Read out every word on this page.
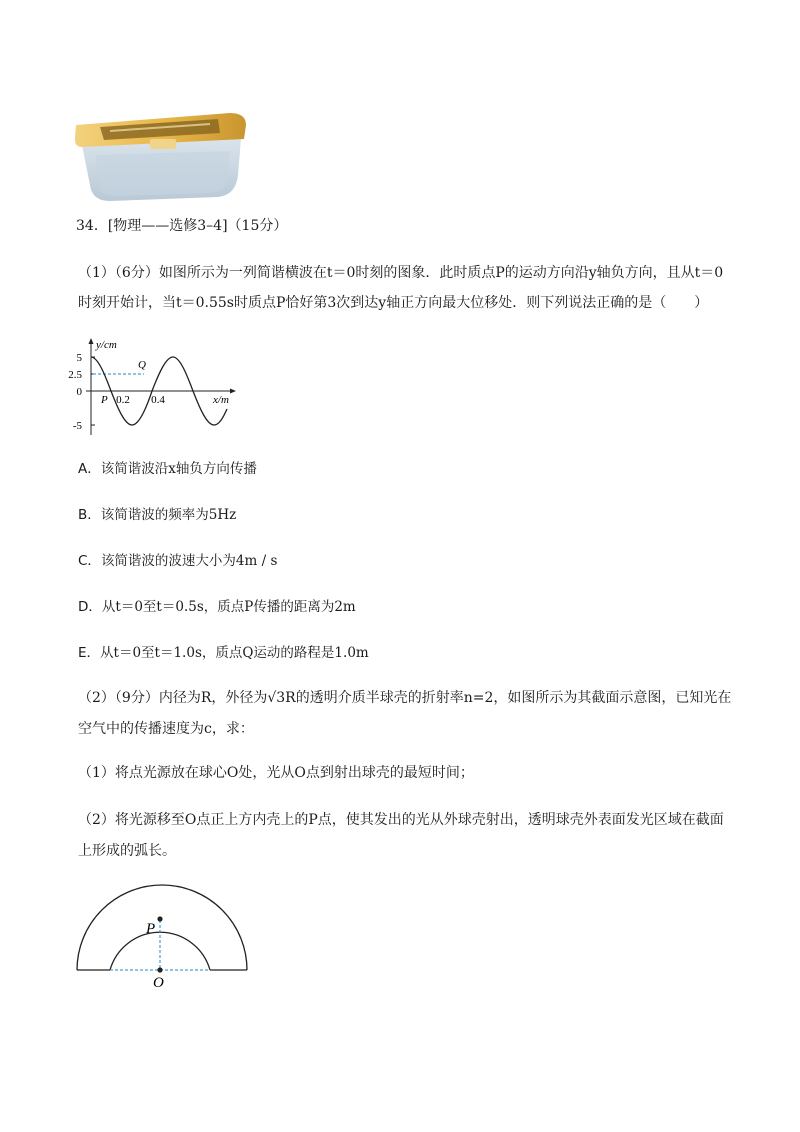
34．[物理——选修3–4]（15分）
（1）（6分）如图所示为一列简谐横波在t＝0时刻的图象．此时质点P的运动方向沿y轴负方向，且从t＝0
时刻开始计，当t＝0.55s时质点P恰好第3次到达y轴正方向最大位移处．则下列说法正确的是（　　）
5
2.5
0
-5
0.2 0.4
y/cm
x/m
P
Q
A．该简谐波沿x轴负方向传播
B．该简谐波的频率为5Hz
C．该简谐波的波速大小为4m / s
D．从t＝0至t＝0.5s，质点P传播的距离为2m
E．从t＝0至t＝1.0s，质点Q运动的路程是1.0m
（2）（9分）内径为R，外径为√3R的透明介质半球壳的折射率n=2，如图所示为其截面示意图，已知光在
空气中的传播速度为c，求：
（1）将点光源放在球心O处，光从O点到射出球壳的最短时间；
（2）将光源移至O点正上方内壳上的P点，使其发出的光从外球壳射出，透明球壳外表面发光区域在截面
上形成的弧长。
P
O
